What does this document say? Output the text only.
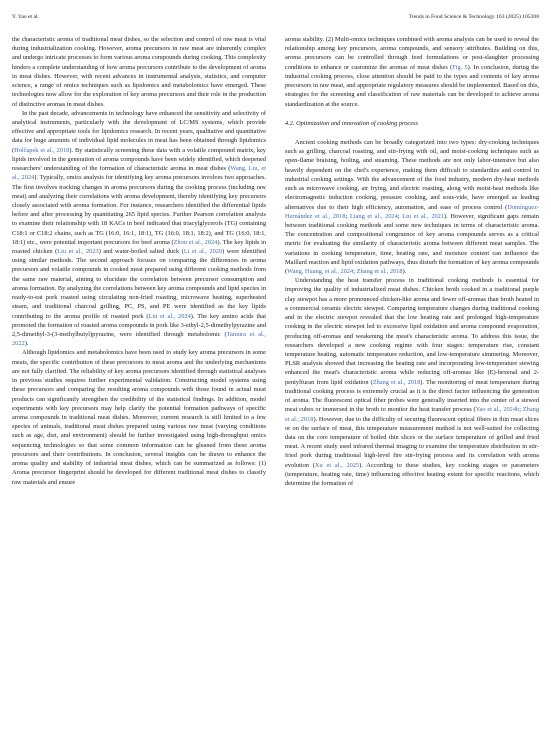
Y. Yao et al.	Trends in Food Science & Technology 163 (2025) 105208

the characteristic aroma of traditional meat dishes, so the selection and control of raw meat is vital during industrialization cooking. However, aroma precursors in raw meat are inherently complex and undergo intricate processes to form various aroma compounds during cooking. This complexity hinders a complete understanding of how aroma precursors contribute to the development of aroma in meat dishes. However, with recent advances in instrumental analysis, statistics, and computer science, a range of omics techniques such as lipidomics and metabolomics have emerged. These technologies now allow for the exploration of key aroma precursors and their role in the production of distinctive aromas in meat dishes.

In the past decade, advancements in technology have enhanced the sensitivity and selectivity of analytical instruments, particularly with the development of LC/MS systems, which provide effective and appropriate tools for lipidomics research. In recent years, qualitative and quantitative data for huge amounts of individual lipid molecules in meat has been obtained through lipidomics (Holčapek et al., 2018). By statistically screening these data with a volatile compound matrix, key lipids involved in the generation of aroma compounds have been widely identified, which deepened researchers' understanding of the formation of characteristic aroma in meat dishes (Wang, Liu, et al., 2024). Typically, omics analysis for identifying key aroma precursors involves two approaches. The first involves tracking changes in aroma precursors during the cooking process (including raw meat) and analyzing their correlations with aroma development, thereby identifying key precursors closely associated with aroma formation. For instance, researchers identified the differential lipids before and after processing by quantitating 265 lipid species. Further Pearson correlation analysis to examine their relationship with 18 KACs in beef indicated that triacylglycerols (TG) containing C18:1 or C18:2 chains, such as TG (16:0, 16:1, 18:1), TG (16:0, 18:1, 18:2), and TG (16:0, 18:1, 18:1) etc., were potential important precursors for beef aroma (Zhou et al., 2024). The key lipids in roasted chicken (Liu et al., 2023) and water-boiled salted duck (Li et al., 2020) were identified using similar methods. The second approach focuses on comparing the differences in aroma precursors and volatile compounds in cooked meat prepared using different cooking methods from the same raw material, aiming to elucidate the correlation between precursor consumption and aroma formation. By analyzing the correlations between key aroma compounds and lipid species in ready-to-eat pork roasted using circulating non-fried roasting, microwave heating, superheated steam, and traditional charcoal grilling, PC, PS, and PE were identified as the key lipids contributing to the aroma profile of roasted pork (Liu et al., 2024). The key amino acids that promoted the formation of roasted aroma compounds in pork like 3-ethyl-2,5-dimethylpyrazine and 2,5-dimethyl-3-(3-methylbutyl)pyrazine, were identified through metabolomic (Tamura et al., 2022).

Although lipidomics and metabolomics have been used to study key aroma precursors in some meats, the specific contribution of these precursors to meat aroma and the underlying mechanisms are not fully clarified. The reliability of key aroma precursors identified through statistical analyses in previous studies requires further experimental validation. Constructing model systems using these precursors and comparing the resulting aroma compounds with those found in actual meat products can significantly strengthen the credibility of the statistical findings. In addition, model experiments with key precursors may help clarify the potential formation pathways of specific aroma compounds in traditional meat dishes. Moreover, current research is still limited to a few species of animals, traditional meat dishes prepared using various raw meat (varying conditions such as age, diet, and environment) should be further investigated using high-throughput omics sequencing technologies so that some common information can be gleaned from these aroma precursors and their contributions. In conclusion, several insights can be drawn to enhance the aroma quality and stability of industrial meat dishes, which can be summarized as follows: (1) Aroma precursor fingerprint should be developed for different traditional meat dishes to classify raw materials and ensure

aroma stability. (2) Multi-omics techniques combined with aroma analysis can be used to reveal the relationship among key precursors, aroma compounds, and sensory attributes. Building on this, aroma precursors can be controlled through feed formulations or post-slaughter processing conditions to enhance or customize the aromas of meat dishes (Fig. 5). In conclusion, during the industrial cooking process, close attention should be paid to the types and contents of key aroma precursors in raw meat, and appropriate regulatory measures should be implemented. Based on this, strategies for the screening and classification of raw materials can be developed to achieve aroma standardization at the source.

4.2. Optimization and innovation of cooking process

Ancient cooking methods can be broadly categorized into two types: dry-cooking techniques such as grilling, charcoal roasting, and stir-frying with oil, and moist-cooking techniques such as open-flame braising, boiling, and steaming. These methods are not only labor-intensive but also heavily dependent on the chef's experience, making them difficult to standardize and control in industrial cooking settings. With the advancement of the food industry, modern dry-heat methods such as microwave cooking, air frying, and electric roasting, along with moist-heat methods like electromagnetic induction cooking, pressure cooking, and sous-vide, have emerged as leading alternatives due to their high efficiency, automation, and ease of process control (Domínguez-Hernández et al., 2018; Liang et al., 2024; Liu et al., 2021). However, significant gaps remain between traditional cooking methods and some new techniques in terms of characteristic aroma. The concentration and compositional congruence of key aroma compounds serves as a critical metric for evaluating the similarity of characteristic aroma between different meat samples. The variations in cooking temperature, time, heating rate, and moisture content can influence the Maillard reaction and lipid oxidation pathways, thus disturb the formation of key aroma compounds (Wang, Huang, et al., 2024; Zhang et al., 2018).

Understanding the heat transfer process in traditional cooking methods is essential for improving the quality of industrialized meat dishes. Chicken broth cooked in a traditional purple clay stewpot has a more pronounced chicken-like aroma and fewer off-aromas than broth heated in a commercial ceramic electric stewpot. Comparing temperature changes during traditional cooking and in the electric stewpot revealed that the low heating rate and prolonged high-temperature cooking in the electric stewpot led to excessive lipid oxidation and aroma compound evaporation, producing off-aromas and weakening the meat's characteristic aroma. To address this issue, the researchers developed a new cooking regime with four stages: temperature rise, constant temperature heating, automatic temperature reduction, and low-temperature simmering. Moreover, PLSR analysis showed that increasing the heating rate and incorporating low-temperature stewing enhanced the meat's characteristic aroma while reducing off-aromas like (E)-hexenal and 2-pentylfuran from lipid oxidation (Zhang et al., 2018). The monitoring of meat temperature during traditional cooking process is extremely crucial as it is the direct factor influencing the generation of aroma. The fluorescent optical fiber probes were generally inserted into the center of a stewed meat cubes or immersed in the broth to monitor the heat transfer process (Yao et al., 2024b; Zhang et al., 2018). However, due to the difficulty of securing fluorescent optical fibers in thin meat slices or on the surface of meat, this temperature measurement method is not well-suited for collecting data on the core temperature of boiled thin slices or the surface temperature of grilled and fried meat. A recent study used infrared thermal imaging to examine the temperature distribution in stir-fried pork during traditional high-level fire stir-frying process and its correlation with aroma evolution (Xu et al., 2025). According to these studies, key cooking stages or parameters (temperature, heating rate, time) influencing effective heating extent for specific reactions, which determine the formation of
